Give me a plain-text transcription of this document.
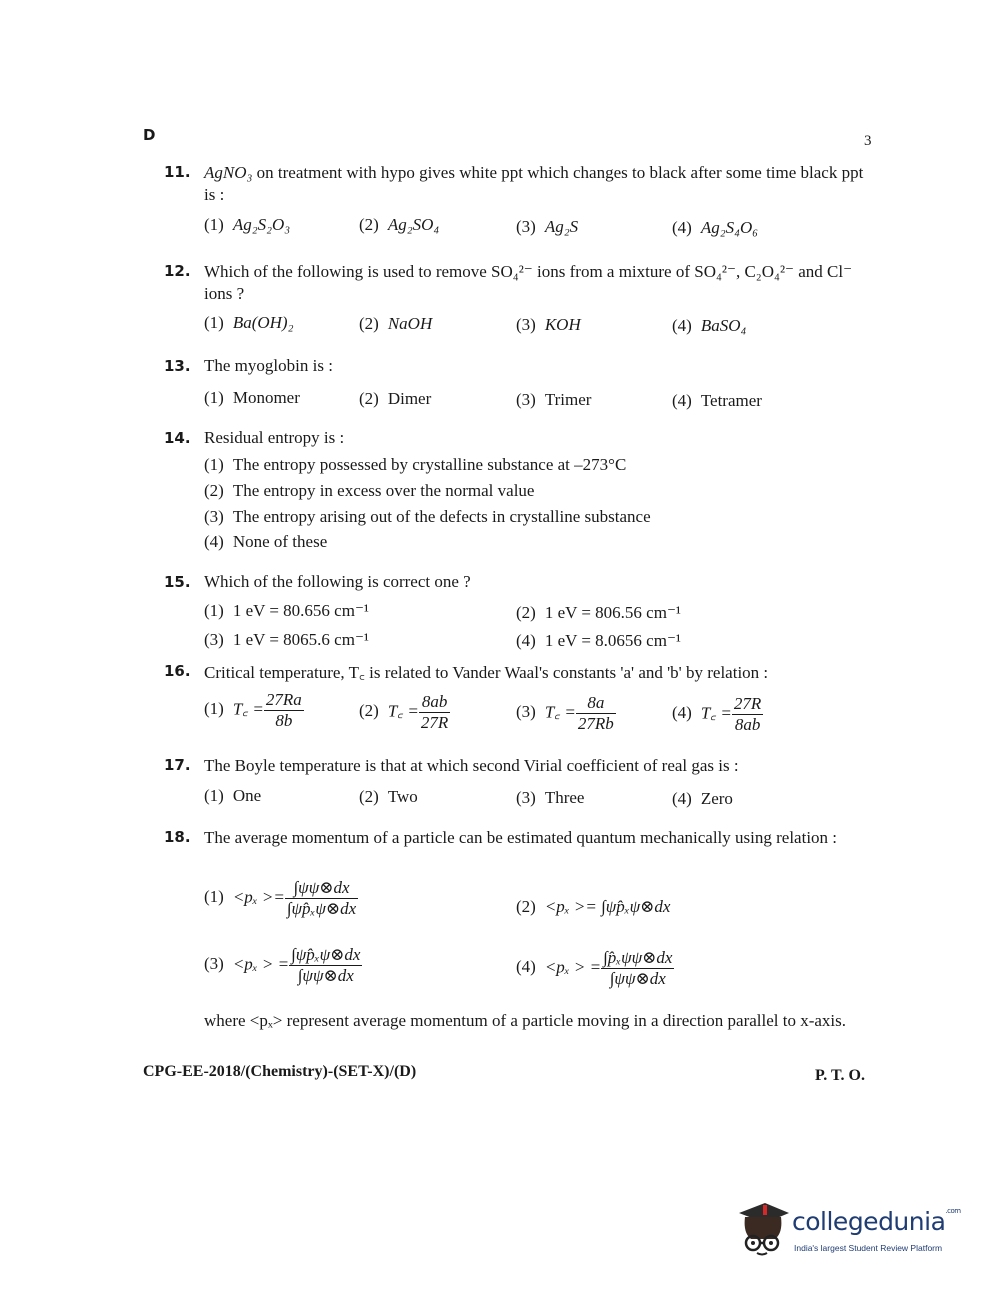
D	3
11. AgNO₃ on treatment with hypo gives white ppt which changes to black after some time black ppt is :
(1) Ag₂S₂O₃	(2) Ag₂SO₄	(3) Ag₂S	(4) Ag₂S₄O₆
12. Which of the following is used to remove SO₄²⁻ ions from a mixture of SO₄²⁻, C₂O₄²⁻ and Cl⁻ ions ?
(1) Ba(OH)₂	(2) NaOH	(3) KOH	(4) BaSO₄
13. The myoglobin is :
(1) Monomer	(2) Dimer	(3) Trimer	(4) Tetramer
14. Residual entropy is :
(1) The entropy possessed by crystalline substance at –273°C
(2) The entropy in excess over the normal value
(3) The entropy arising out of the defects in crystalline substance
(4) None of these
15. Which of the following is correct one ?
(1) 1 eV = 80.656 cm⁻¹	(2) 1 eV = 806.56 cm⁻¹
(3) 1 eV = 8065.6 cm⁻¹	(4) 1 eV = 8.0656 cm⁻¹
16. Critical temperature, T꜀ is related to Vander Waal's constants 'a' and 'b' by relation :
(1) T꜀ = $\frac{27Ra}{8b}$	(2) T꜀ = $\frac{8ab}{27R}$	(3) T꜀ = $\frac{8a}{27Rb}$	(4) T꜀ = $\frac{27R}{8ab}$
17. The Boyle temperature is that at which second Virial coefficient of real gas is :
(1) One	(2) Two	(3) Three	(4) Zero
18. The average momentum of a particle can be estimated quantum mechanically using relation :
$(1) <p_x >= \frac{\int\psi\psi\otimes dx}{\text{∫ψp̂ₓψ⊗dx}}$	(2) <pₓ >= ∫ψp̂ₓψ⊗dx
(3) <pₓ > = $\frac{\text{∫ψp̂ₓψ⊗dx}}{\int\psi\psi\otimes dx}$	(4) <pₓ > = $\frac{\text{∫p̂ₓψψ⊗dx}}{\int\psi\psi\otimes dx}$
where <pₓ> represent average momentum of a particle moving in a direction parallel to x-axis.
CPG-EE-2018/(Chemistry)-(SET-X)/(D)	P. T. O.
collegedunia$^{.com}$
India's largest Student Review Platform
